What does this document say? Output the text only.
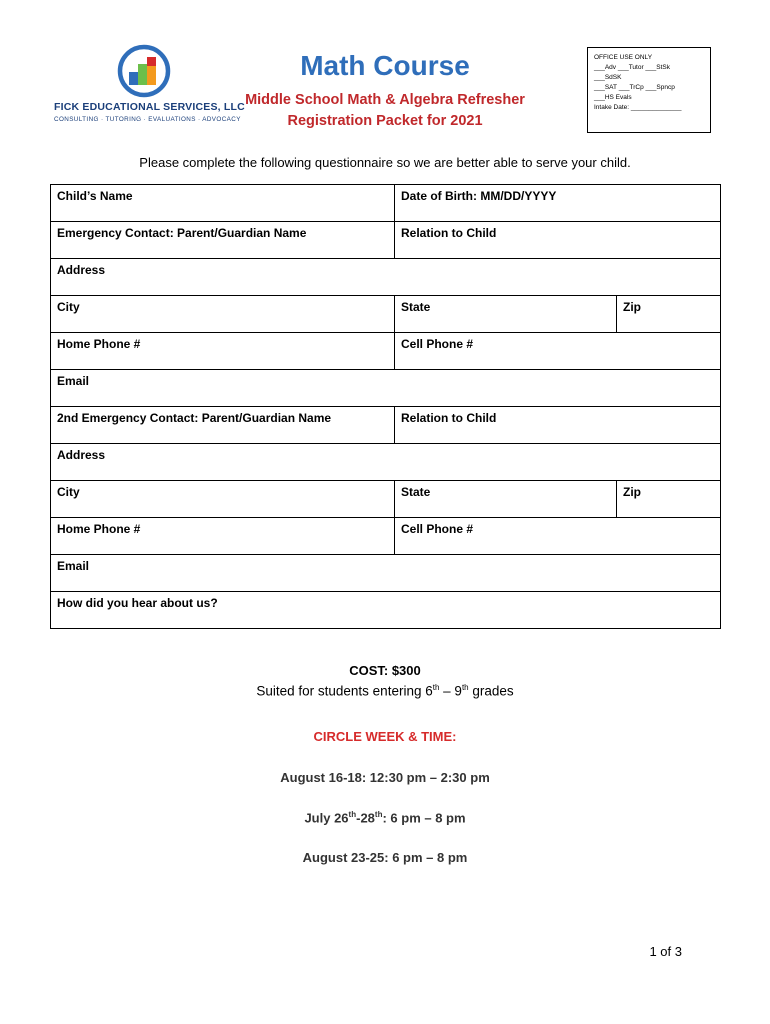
FICK EDUCATIONAL SERVICES, LLC
CONSULTING · TUTORING · EVALUATIONS · ADVOCACY
Math Course
Middle School Math & Algebra Refresher
Registration Packet for 2021
OFFICE USE ONLY
___Adv ___Tutor ___StSk
___SdSK
___SAT ___TrCp ___Spncp
___HS Evals
Intake Date: ______________
Please complete the following questionnaire so we are better able to serve your child.
Child’s Name	Date of Birth: MM/DD/YYYY	
Emergency Contact: Parent/Guardian Name	Relation to Child	
Address		
City	State	Zip
Home Phone #	Cell Phone #	
Email		
2nd Emergency Contact: Parent/Guardian Name	Relation to Child	
Address		
City	State	Zip
Home Phone #	Cell Phone #	
Email		
How did you hear about us?		
COST: $300
Suited for students entering 6th – 9th grades
CIRCLE WEEK & TIME:
August 16-18: 12:30 pm – 2:30 pm
July 26th-28th: 6 pm – 8 pm
August 23-25: 6 pm – 8 pm
1 of 3
